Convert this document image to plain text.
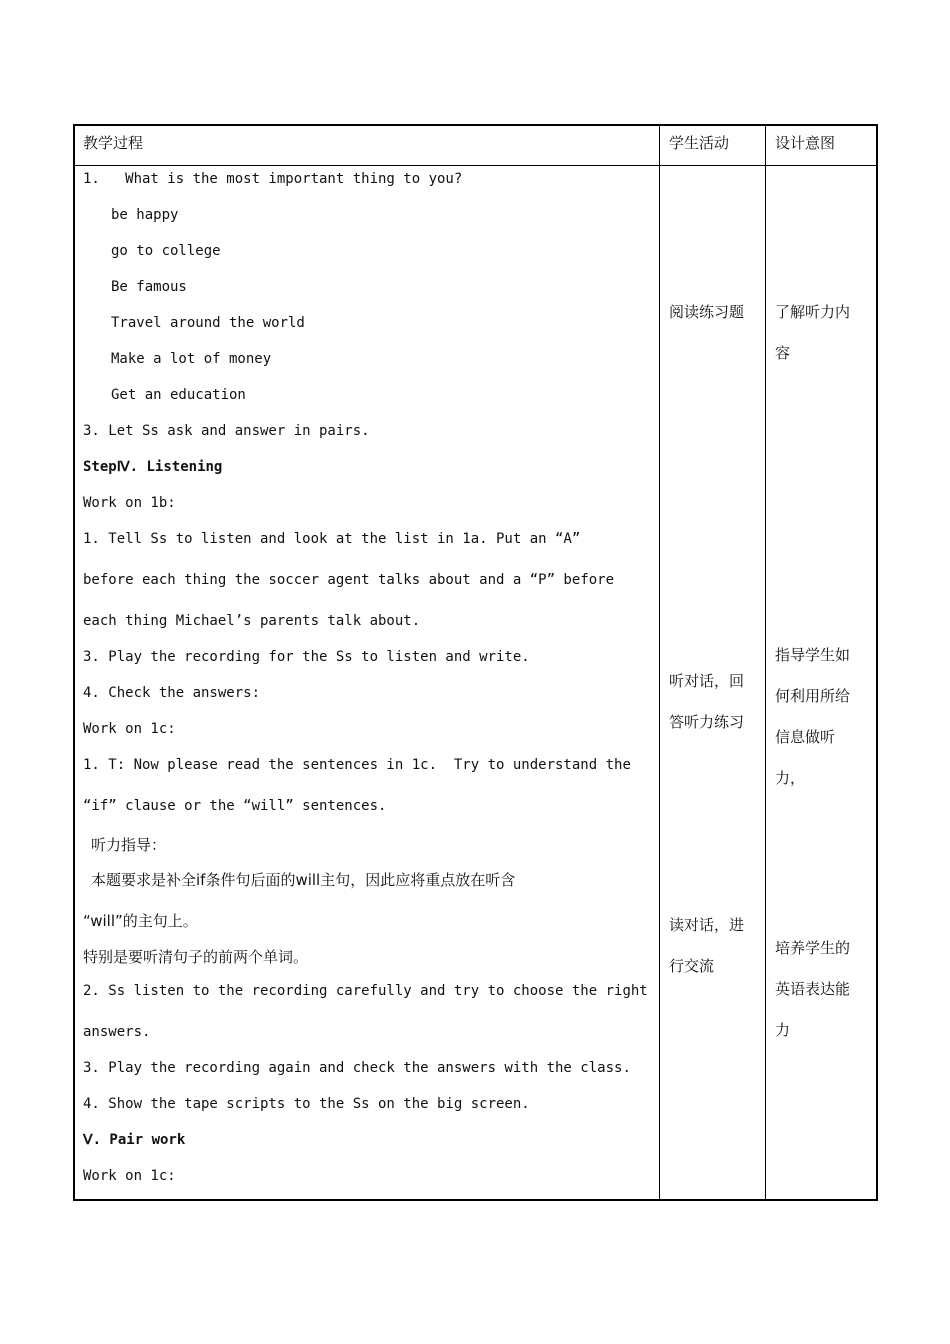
教学过程	学生活动	设计意图
1.   What is the most important thing to you?
be happy
go to college
Be famous
Travel around the world
Make a lot of money
Get an education
3. Let Ss ask and answer in pairs.
StepⅣ. Listening
Work on 1b:
1. Tell Ss to listen and look at the list in 1a. Put an “A”
before each thing the soccer agent talks about and a “P” before
each thing Michael’s parents talk about.
3. Play the recording for the Ss to listen and write.
4. Check the answers:
Work on 1c:
1. T: Now please read the sentences in 1c.  Try to understand the
“if” clause or the “will” sentences.
听力指导：
本题要求是补全if条件句后面的will主句，因此应将重点放在听含
“will”的主句上。
特别是要听清句子的前两个单词。
2. Ss listen to the recording carefully and try to choose the right
answers.
3. Play the recording again and check the answers with the class.
4. Show the tape scripts to the Ss on the big screen.
Ⅴ. Pair work
Work on 1c:
阅读练习题
听对话，回
答听力练习
读对话，进
行交流
了解听力内
容
指导学生如
何利用所给
信息做听
力，
培养学生的
英语表达能
力
